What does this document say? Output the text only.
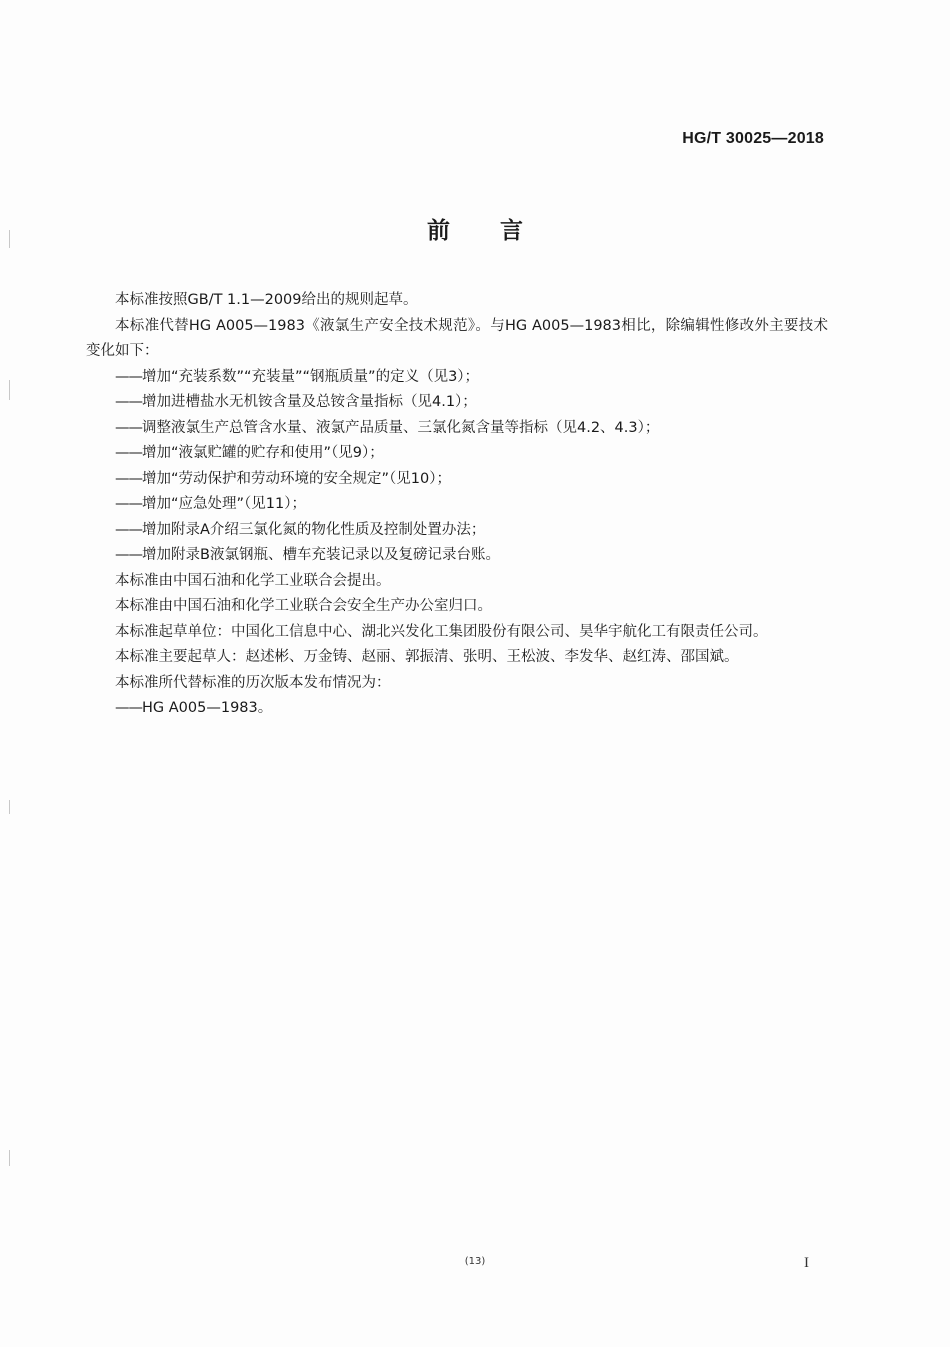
HG/T 30025—2018
前言

本标准按照GB/T 1.1—2009给出的规则起草。

本标准代替HG A005—1983《液氯生产安全技术规范》。与HG A005—1983相比，除编辑性修改外主要技术变化如下：

——增加“充装系数”“充装量”“钢瓶质量”的定义（见3）；

——增加进槽盐水无机铵含量及总铵含量指标（见4.1）；

——调整液氯生产总管含水量、液氯产品质量、三氯化氮含量等指标（见4.2、4.3）；

——增加“液氯贮罐的贮存和使用”（见9）；

——增加“劳动保护和劳动环境的安全规定”（见10）；

——增加“应急处理”（见11）；

——增加附录A介绍三氯化氮的物化性质及控制处置办法；

——增加附录B液氯钢瓶、槽车充装记录以及复磅记录台账。

本标准由中国石油和化学工业联合会提出。

本标准由中国石油和化学工业联合会安全生产办公室归口。

本标准起草单位：中国化工信息中心、湖北兴发化工集团股份有限公司、昊华宇航化工有限责任公司。

本标准主要起草人：赵述彬、万金铸、赵丽、郭振清、张明、王松波、李发华、赵红涛、邵国斌。

本标准所代替标准的历次版本发布情况为：

——HG A005—1983。

(13)	I
